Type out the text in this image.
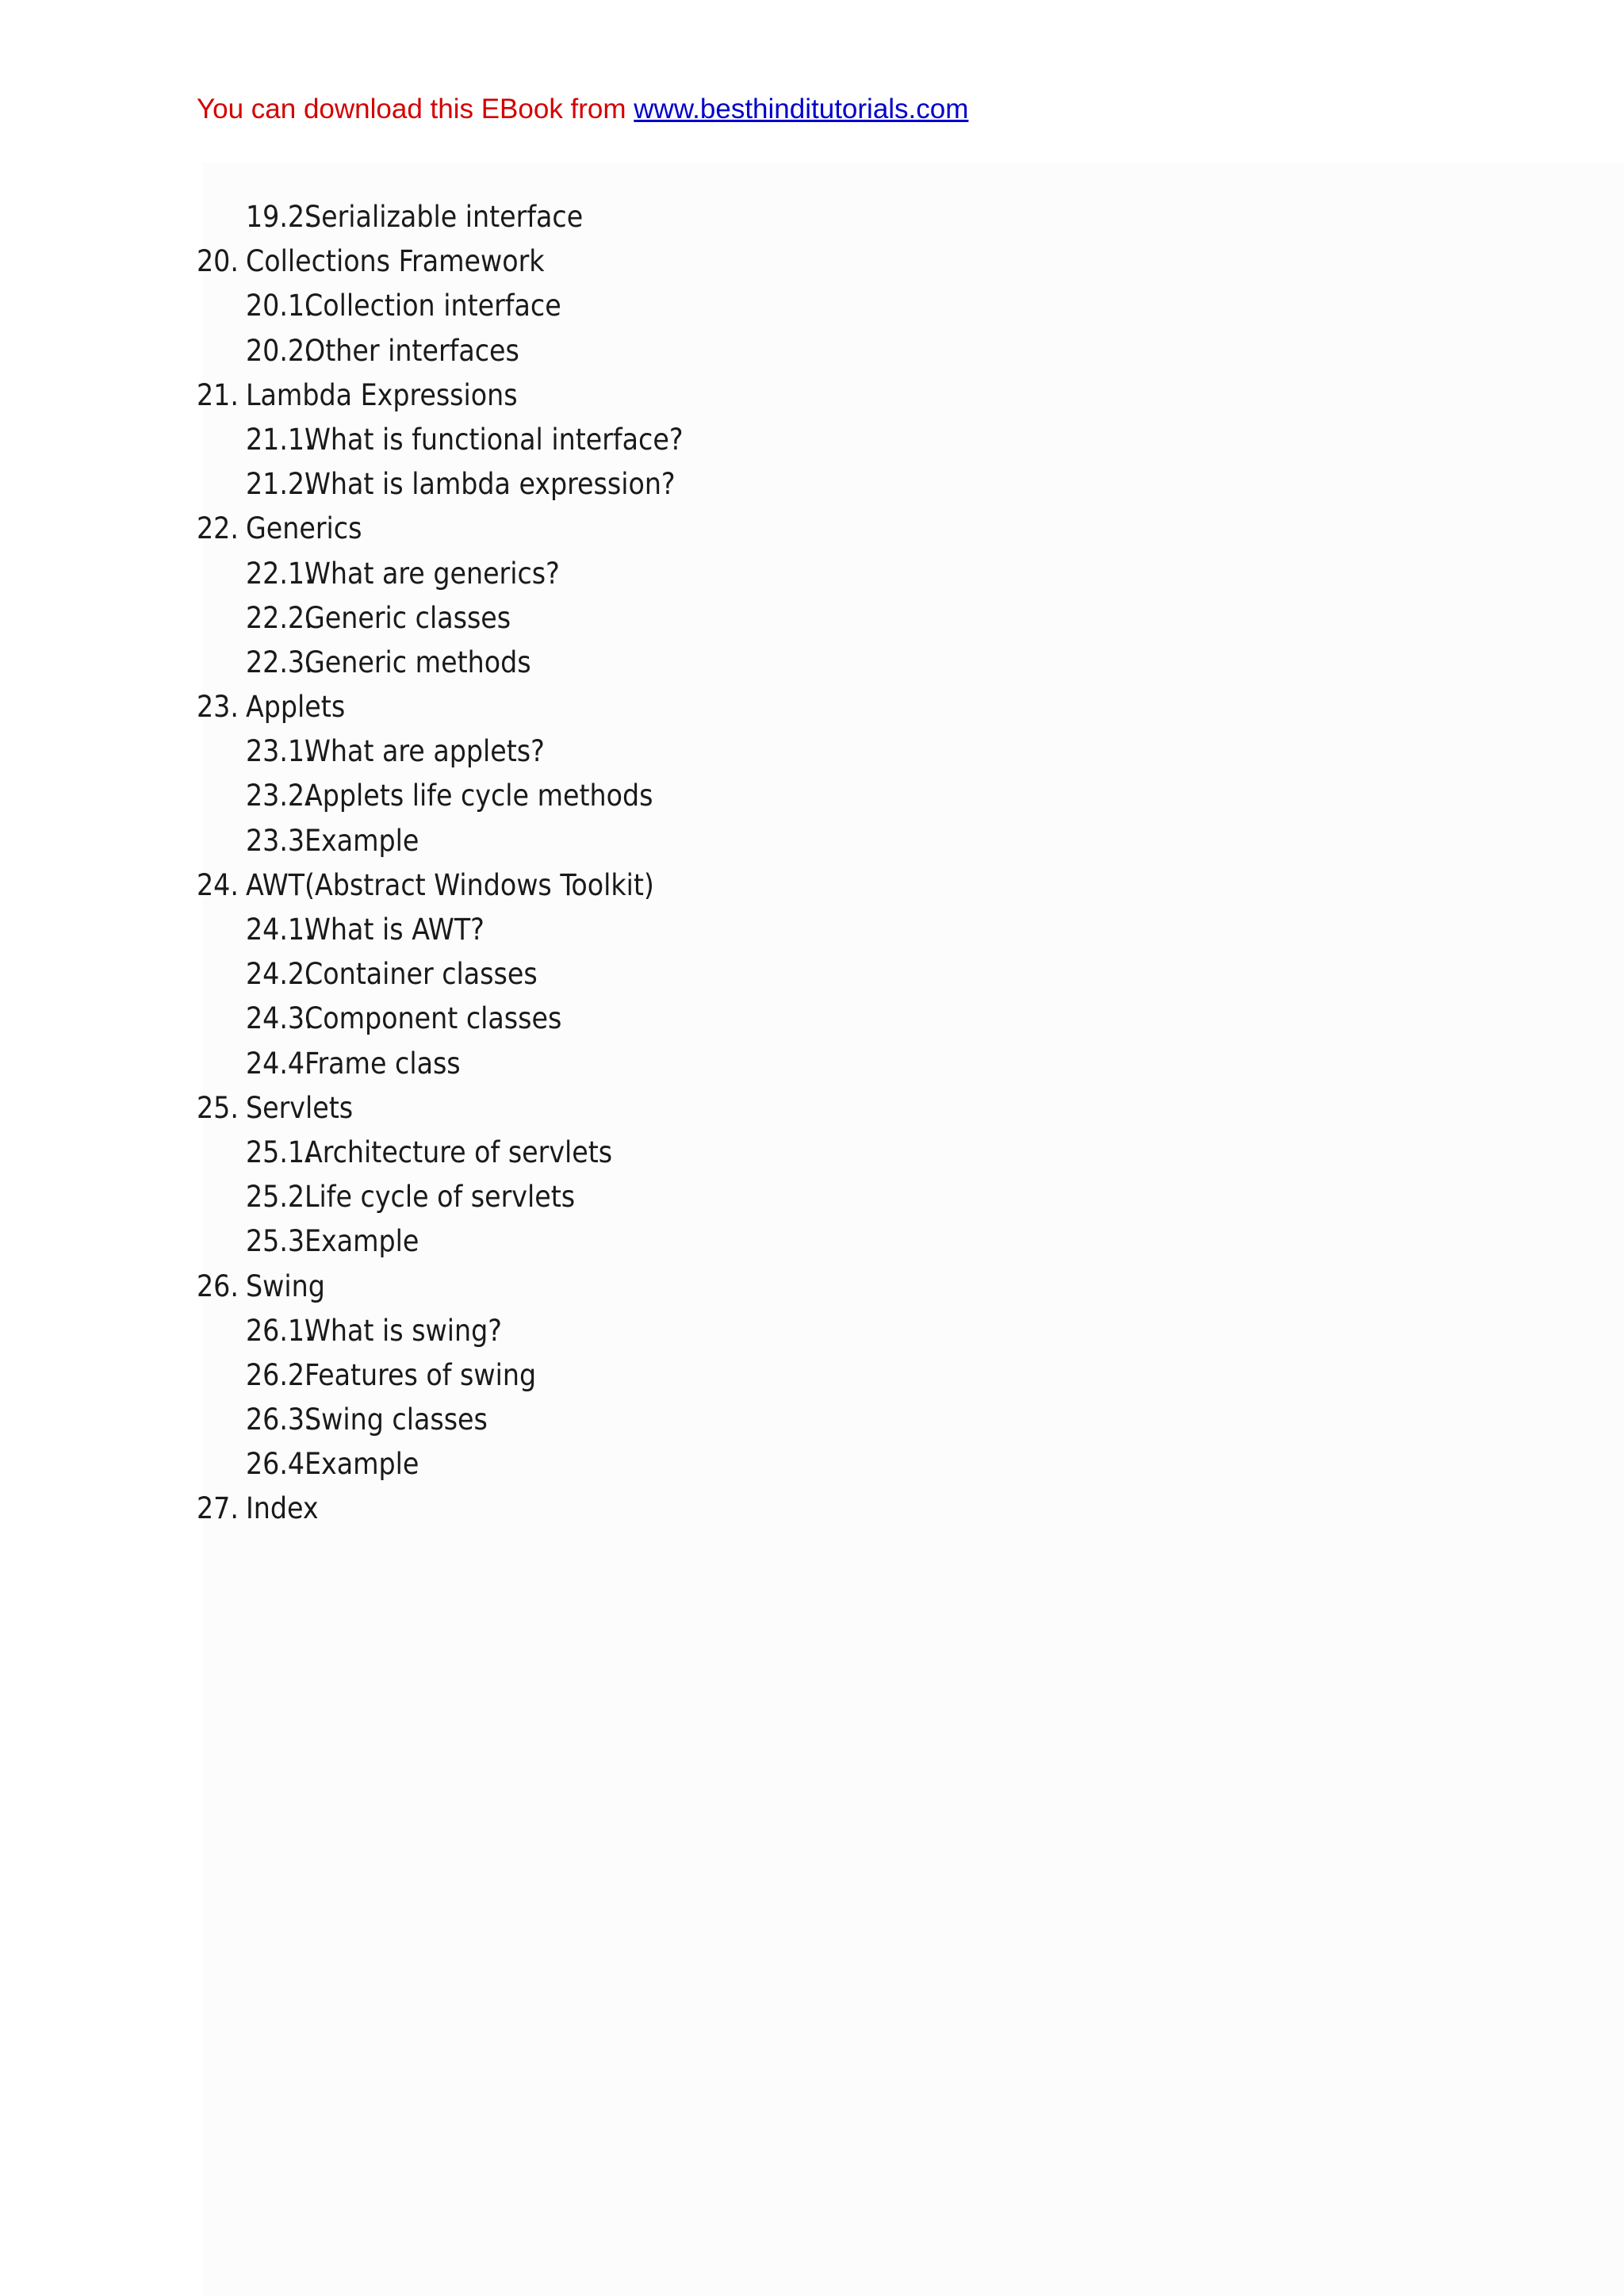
You can download this EBook from www.besthinditutorials.com
19.2.
Serializable interface
20. Collections Framework
20.1.
Collection interface
20.2.
Other interfaces
21. Lambda Expressions
21.1.
What is functional interface?
21.2.
What is lambda expression?
22. Generics
22.1.
What are generics?
22.2.
Generic classes
22.3.
Generic methods
23. Applets
23.1.
What are applets?
23.2.
Applets life cycle methods
23.3.
Example
24. AWT(Abstract Windows Toolkit)
24.1.
What is AWT?
24.2.
Container classes
24.3.
Component classes
24.4.
Frame class
25. Servlets
25.1.
Architecture of servlets
25.2.
Life cycle of servlets
25.3.
Example
26. Swing
26.1.
What is swing?
26.2.
Features of swing
26.3.
Swing classes
26.4.
Example
27. Index
